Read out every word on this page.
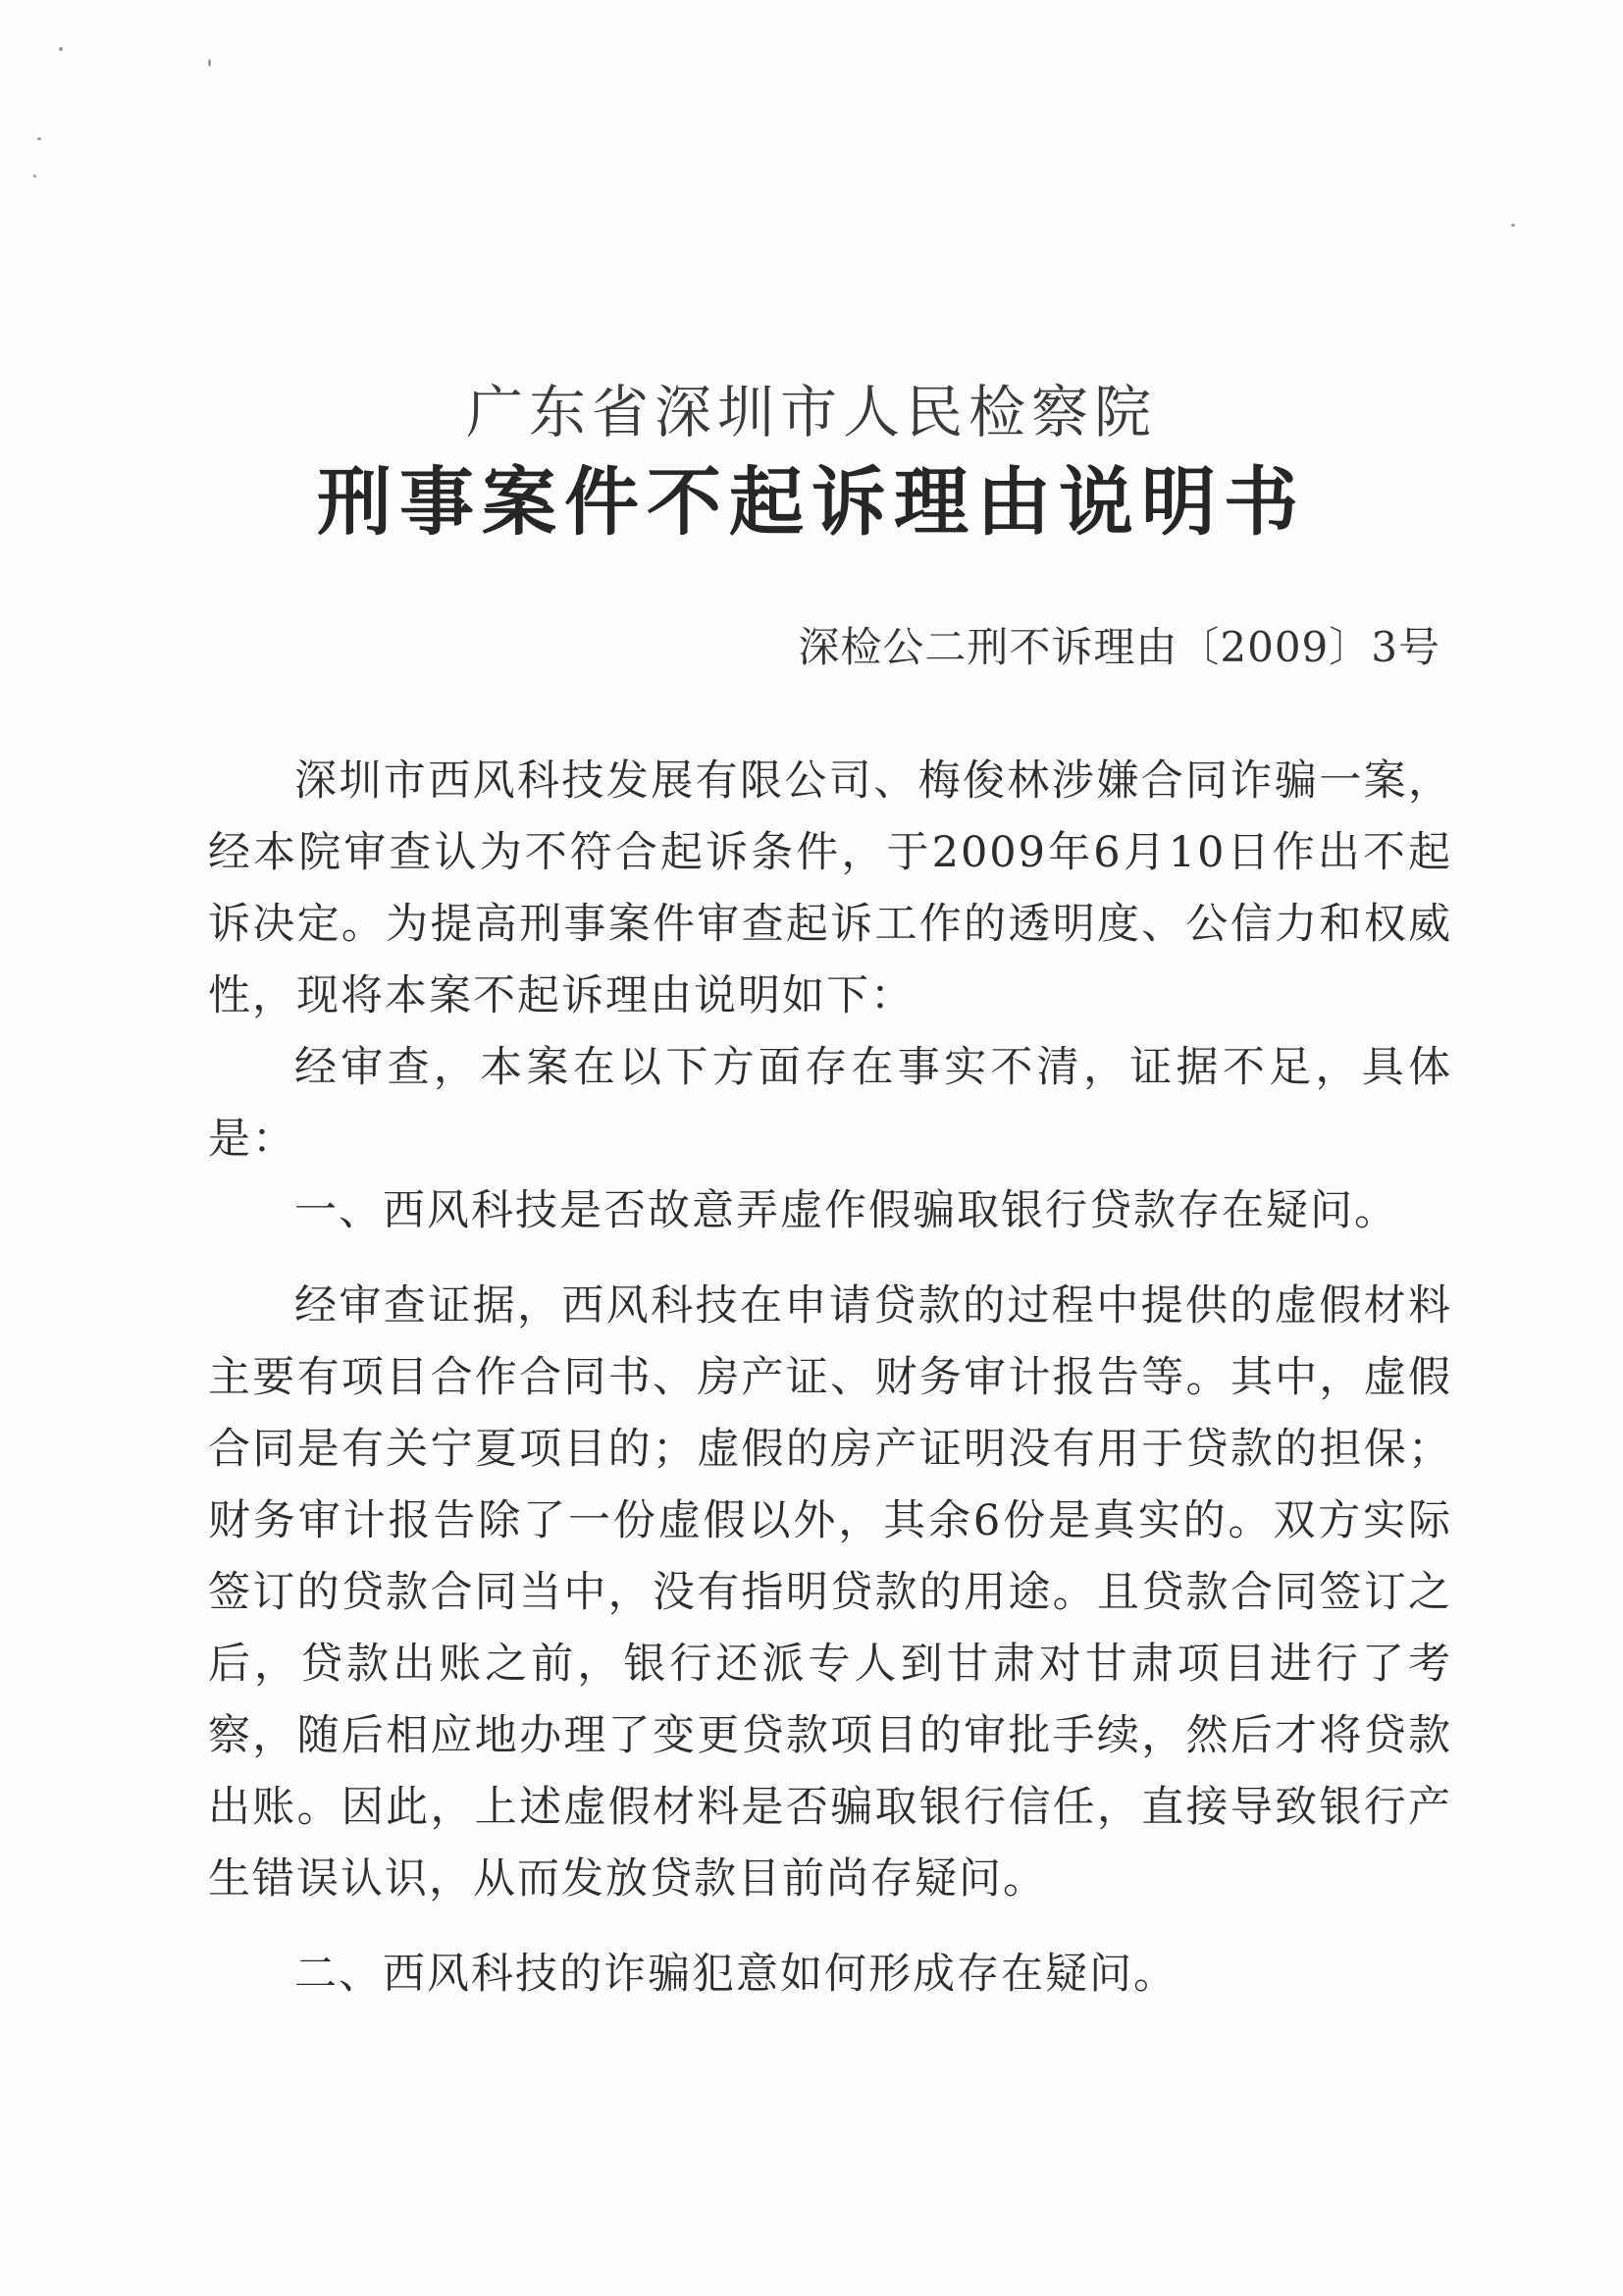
广东省深圳市人民检察院
刑事案件不起诉理由说明书
深检公二刑不诉理由〔2009〕3号

深圳市西风科技发展有限公司、梅俊林涉嫌合同诈骗一案，经本院审查认为不符合起诉条件，于2009年6月10日作出不起诉决定。为提高刑事案件审查起诉工作的透明度、公信力和权威性，现将本案不起诉理由说明如下：

经审查，本案在以下方面存在事实不清，证据不足，具体是：

一、西风科技是否故意弄虚作假骗取银行贷款存在疑问。

经审查证据，西风科技在申请贷款的过程中提供的虚假材料主要有项目合作合同书、房产证、财务审计报告等。其中，虚假合同是有关宁夏项目的；虚假的房产证明没有用于贷款的担保；财务审计报告除了一份虚假以外，其余6份是真实的。双方实际签订的贷款合同当中，没有指明贷款的用途。且贷款合同签订之后，贷款出账之前，银行还派专人到甘肃对甘肃项目进行了考察，随后相应地办理了变更贷款项目的审批手续，然后才将贷款出账。因此，上述虚假材料是否骗取银行信任，直接导致银行产生错误认识，从而发放贷款目前尚存疑问。

二、西风科技的诈骗犯意如何形成存在疑问。
